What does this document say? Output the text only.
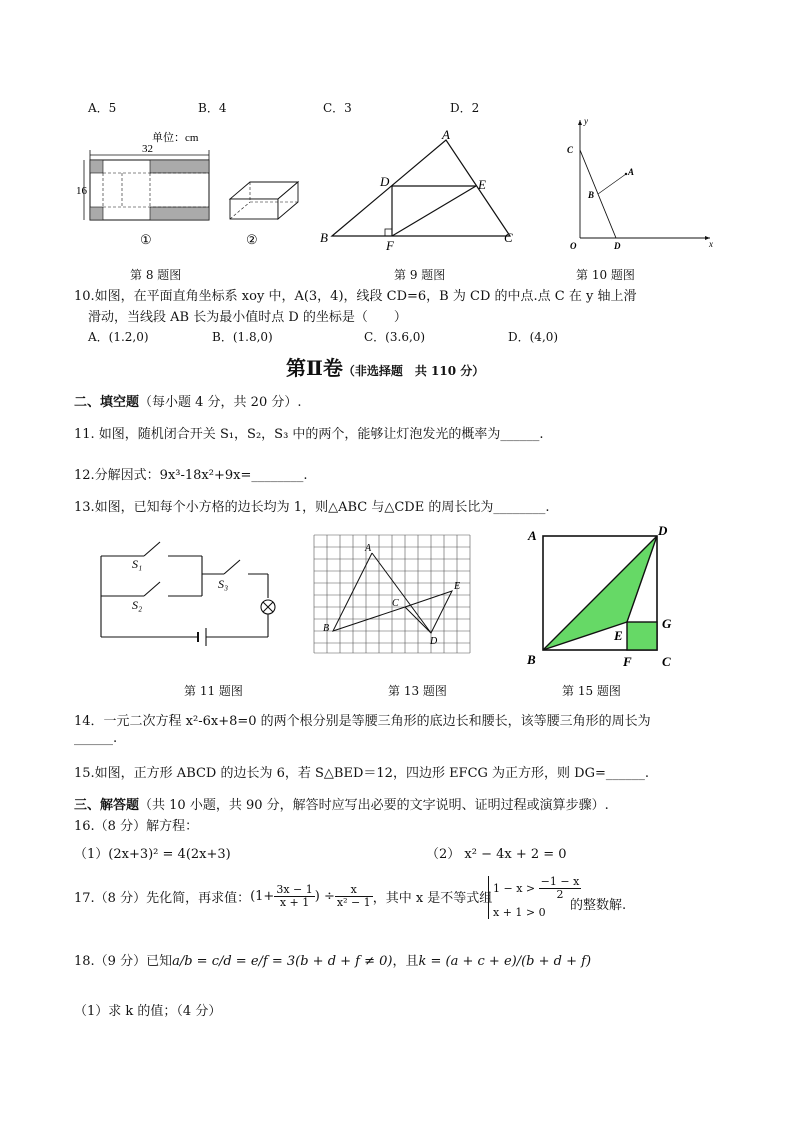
A．5	B．4	C．3	D．2
单位：cm
32
16
①	②
第 8 题图
A
D	E
B
F
C
第 9 题图
y
C
A
B
O	D	x
第 10 题图
10.如图，在平面直角坐标系 xoy 中，A(3，4)，线段 CD=6，B 为 CD 的中点.点 C 在 y 轴上滑
滑动，当线段 AB 长为最小值时点 D 的坐标是（　　）
A．(1.2,0)	B．(1.8,0)	C．(3.6,0)	D．(4,0)
第Ⅱ卷（非选择题　共 110 分）
二、填空题（每小题 4 分，共 20 分）.
11. 如图，随机闭合开关 S₁，S₂，S₃ 中的两个，能够让灯泡发光的概率为______.
12.分解因式：9x³-18x²+9x=________.
13.如图，已知每个小方格的边长均为 1，则△ABC 与△CDE 的周长比为________.
S₁
S₂
S₃
第 11 题图
A
E
C
B
D
第 13 题图
A	D
G
E
B	F C
第 15 题图
14．一元二次方程 x²-6x+8=0 的两个根分别是等腰三角形的底边长和腰长，该等腰三角形的周长为
______.
15.如图，正方形 ABCD 的边长为 6，若 S△BED＝12，四边形 EFCG 为正方形，则 DG=______.
三、解答题（共 10 小题，共 90 分，解答时应写出必要的文字说明、证明过程或演算步骤）.
16.（8 分）解方程：
（1）(2x+3)² = 4(2x+3)	（2） x² − 4x + 2 = 0
17.（8 分）先化简，再求值：($1+ \frac{3x - 1}{x + 1}$ ) ÷ $\frac{x}{\text{x² − 1}}$ ，其中 x 是不等式组
$1 - x > \frac{-1 - x}{2}$
x + 1 > 0	的整数解.
18.（9 分）已知a/b = c/d = e/f = 3(b + d + f ≠ 0)，且k = (a + c + e)/(b + d + f)
（1）求 k 的值；（4 分）
